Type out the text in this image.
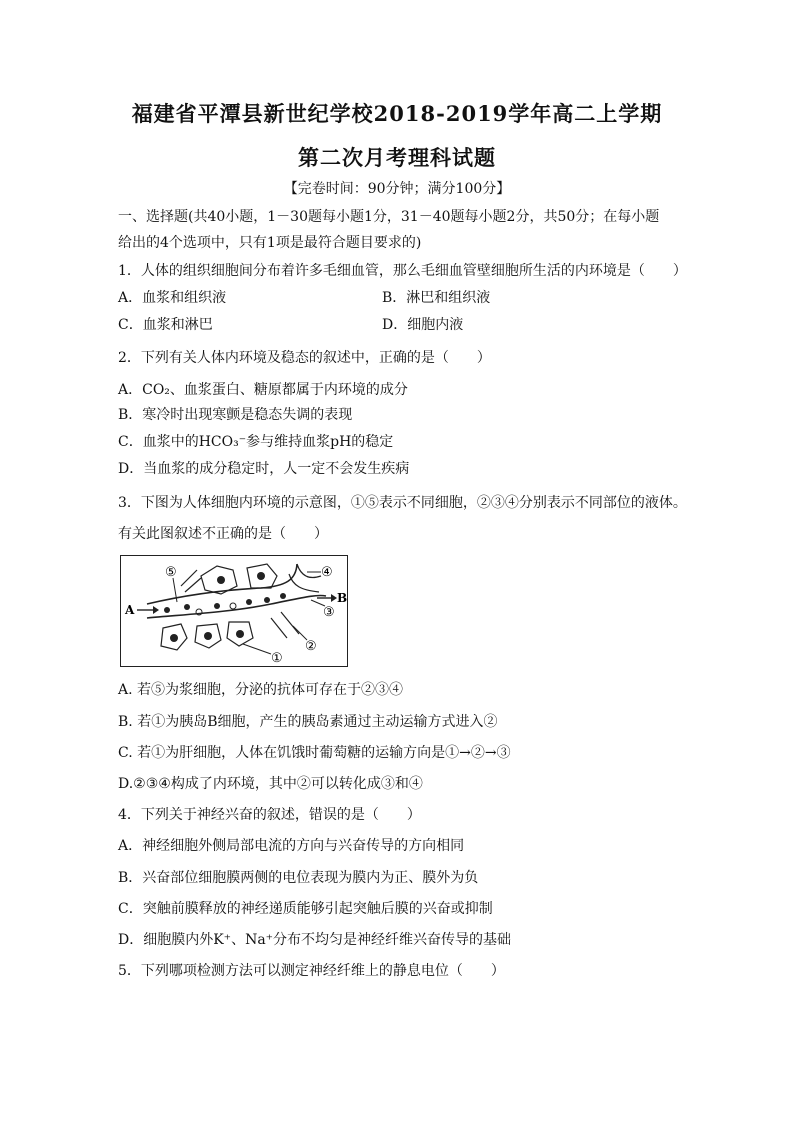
福建省平潭县新世纪学校2018-2019学年高二上学期
第二次月考理科试题
【完卷时间：90分钟；满分100分】
一、选择题(共40小题，1－30题每小题1分，31－40题每小题2分，共50分；在每小题
给出的4个选项中，只有1项是最符合题目要求的)
1．人体的组织细胞间分布着许多毛细血管，那么毛细血管壁细胞所生活的内环境是（　　）
A．血浆和组织液	B．淋巴和组织液
C．血浆和淋巴	D．细胞内液
2．下列有关人体内环境及稳态的叙述中，正确的是（　　）
A．CO₂、血浆蛋白、糖原都属于内环境的成分
B．寒冷时出现寒颤是稳态失调的表现
C．血浆中的HCO₃⁻参与维持血浆pH的稳定
D．当血浆的成分稳定时，人一定不会发生疾病
3．下图为人体细胞内环境的示意图，①⑤表示不同细胞，②③④分别表示不同部位的液体。
有关此图叙述不正确的是（　　）
⑤	④
③
②
①
A
B
A. 若⑤为浆细胞，分泌的抗体可存在于②③④
B. 若①为胰岛B细胞，产生的胰岛素通过主动运输方式进入②
C. 若①为肝细胞，人体在饥饿时葡萄糖的运输方向是①→②→③
D.②③④构成了内环境，其中②可以转化成③和④
4．下列关于神经兴奋的叙述，错误的是（　　）
A．神经细胞外侧局部电流的方向与兴奋传导的方向相同
B．兴奋部位细胞膜两侧的电位表现为膜内为正、膜外为负
C．突触前膜释放的神经递质能够引起突触后膜的兴奋或抑制
D．细胞膜内外K⁺、Na⁺分布不均匀是神经纤维兴奋传导的基础
5．下列哪项检测方法可以测定神经纤维上的静息电位（　　）
